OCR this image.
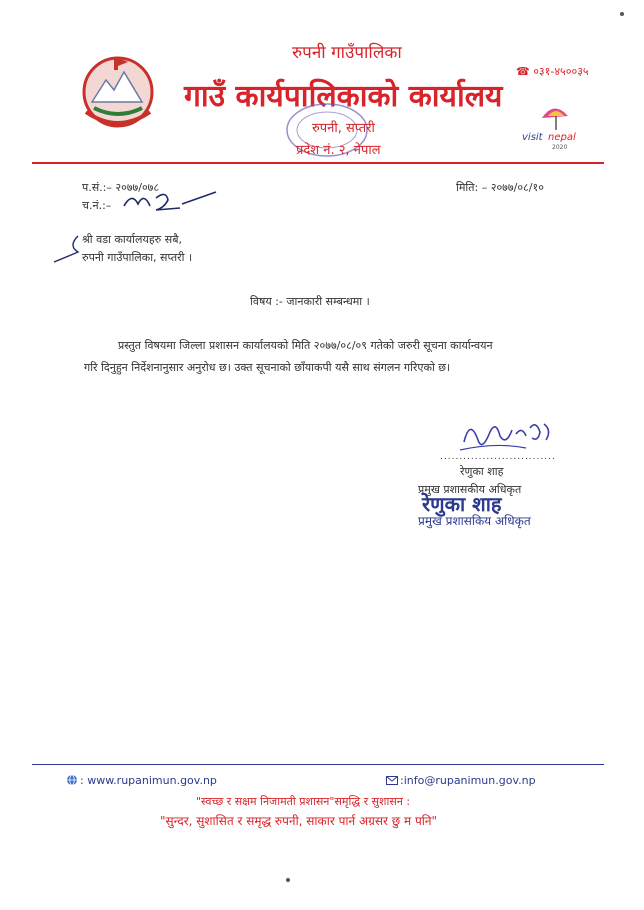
रुपनी गाउँपालिका
गाउँ कार्यपालिकाको कार्यालय
रुपनी, सप्तरी
प्रदेश नं. २, नेपाल
☎ ०३१-४५००३५
visit nepal
2020
प.सं.:– २०७७/०७८
च.नं.:–
मिति: – २०७७/०८/१०
श्री वडा कार्यालयहरु सबै,
रुपनी गाउँपालिका, सप्तरी ।
विषय :- जानकारी सम्बन्धमा ।
प्रस्तुत विषयमा जिल्ला प्रशासन कार्यालयको मिति २०७७/०८/०९ गतेको जरुरी सूचना कार्यान्वयन
गरि दिनुहुन निर्देशनानुसार अनुरोध छ। उक्त सूचनाको छाँयाकपी यसै साथ संगलन गरिएको छ।
..............................
रेणुका शाह
प्रमुख प्रशासकीय अधिकृत
रेणुका शाह
प्रमुख प्रशासकिय अधिकृत
: www.rupanimun.gov.np	:info@rupanimun.gov.np
"स्वच्छ र सक्षम निजामती प्रशासन"समृद्धि र सुशासन :
"सुन्दर, सुशासित र समृद्ध रुपनी, साकार पार्न अग्रसर छु म पनि"
